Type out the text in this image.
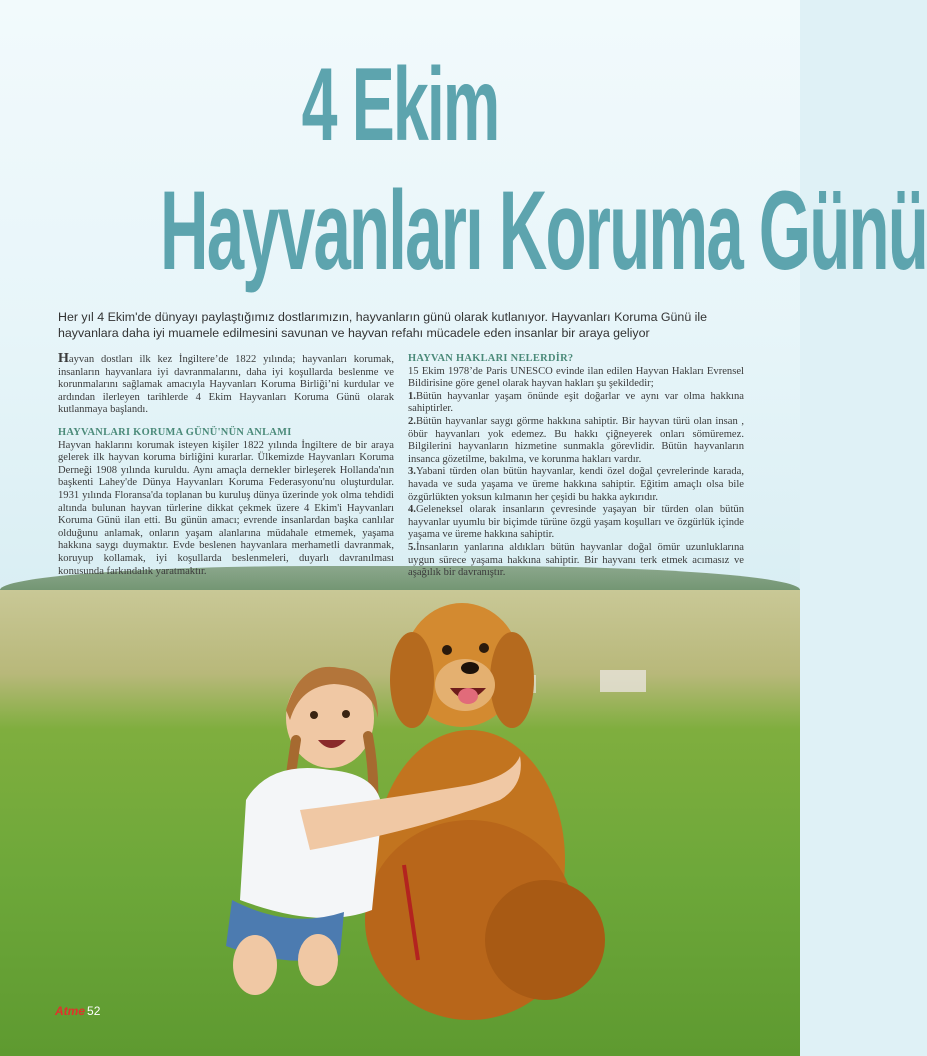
4 Ekim
Hayvanları Koruma Günü
Her yıl 4 Ekim'de dünyayı paylaştığımız dostlarımızın, hayvanların günü olarak kutlanıyor. Hayvanları Koruma Günü ile hayvanlara daha iyi muamele edilmesini savunan ve hayvan refahı mücadele eden insanlar bir araya geliyor

Hayvan dostları ilk kez İngiltere’de 1822 yılında; hayvanları korumak, insanların hayvanlara iyi davranmalarını, daha iyi koşullarda beslenme ve korunmalarını sağlamak amacıyla Hayvanları Koruma Birliği’ni kurdular ve ardından ilerleyen tarihlerde 4 Ekim Hayvanları Koruma Günü olarak kutlanmaya başlandı.

HAYVANLARI KORUMA GÜNÜ'NÜN ANLAMI

Hayvan haklarını korumak isteyen kişiler 1822 yılında İngiltere de bir araya gelerek ilk hayvan koruma birliğini kurarlar. Ülkemizde Hayvanları Koruma Derneği 1908 yılında kuruldu. Aynı amaçla dernekler birleşerek Hollanda'nın başkenti Lahey'de Dünya Hayvanları Koruma Federasyonu'nu oluşturdular. 1931 yılında Floransa'da toplanan bu kuruluş dünya üzerinde yok olma tehdidi altında bulunan hayvan türlerine dikkat çekmek üzere 4 Ekim'i Hayvanları Koruma Günü ilan etti. Bu günün amacı; evrende insanlardan başka canlılar olduğunu anlamak, onların yaşam alanlarına müdahale etmemek, yaşama hakkına saygı duymaktır. Evde beslenen hayvanlara merhametli davranmak, koruyup kollamak, iyi koşullarda beslenmeleri, duyarlı davranılması konusunda farkındalık yaratmaktır.

HAYVAN HAKLARI NELERDİR?

15 Ekim 1978’de Paris UNESCO evinde ilan edilen Hayvan Hakları Evrensel Bildirisine göre genel olarak hayvan hakları şu şekildedir;

1.Bütün hayvanlar yaşam önünde eşit doğarlar ve aynı var olma hakkına sahiptirler.

2.Bütün hayvanlar saygı görme hakkına sahiptir. Bir hayvan türü olan insan , öbür hayvanları yok edemez. Bu hakkı çiğneyerek onları sömüremez. Bilgilerini hayvanların hizmetine sunmakla görevlidir. Bütün hayvanların insanca gözetilme, bakılma, ve korunma hakları vardır.

3.Yabani türden olan bütün hayvanlar, kendi özel doğal çevrelerinde karada, havada ve suda yaşama ve üreme hakkına sahiptir. Eğitim amaçlı olsa bile özgürlükten yoksun kılmanın her çeşidi bu hakka aykırıdır.

4.Geleneksel olarak insanların çevresinde yaşayan bir türden olan bütün hayvanlar uyumlu bir biçimde türüne özgü yaşam koşulları ve özgürlük içinde yaşama ve üreme hakkına sahiptir.

5.İnsanların yanlarına aldıkları bütün hayvanlar doğal ömür uzunluklarına uygun sürece yaşama hakkına sahiptir. Bir hayvanı terk etmek acımasız ve aşağılık bir davranıştır.

Atme 52
